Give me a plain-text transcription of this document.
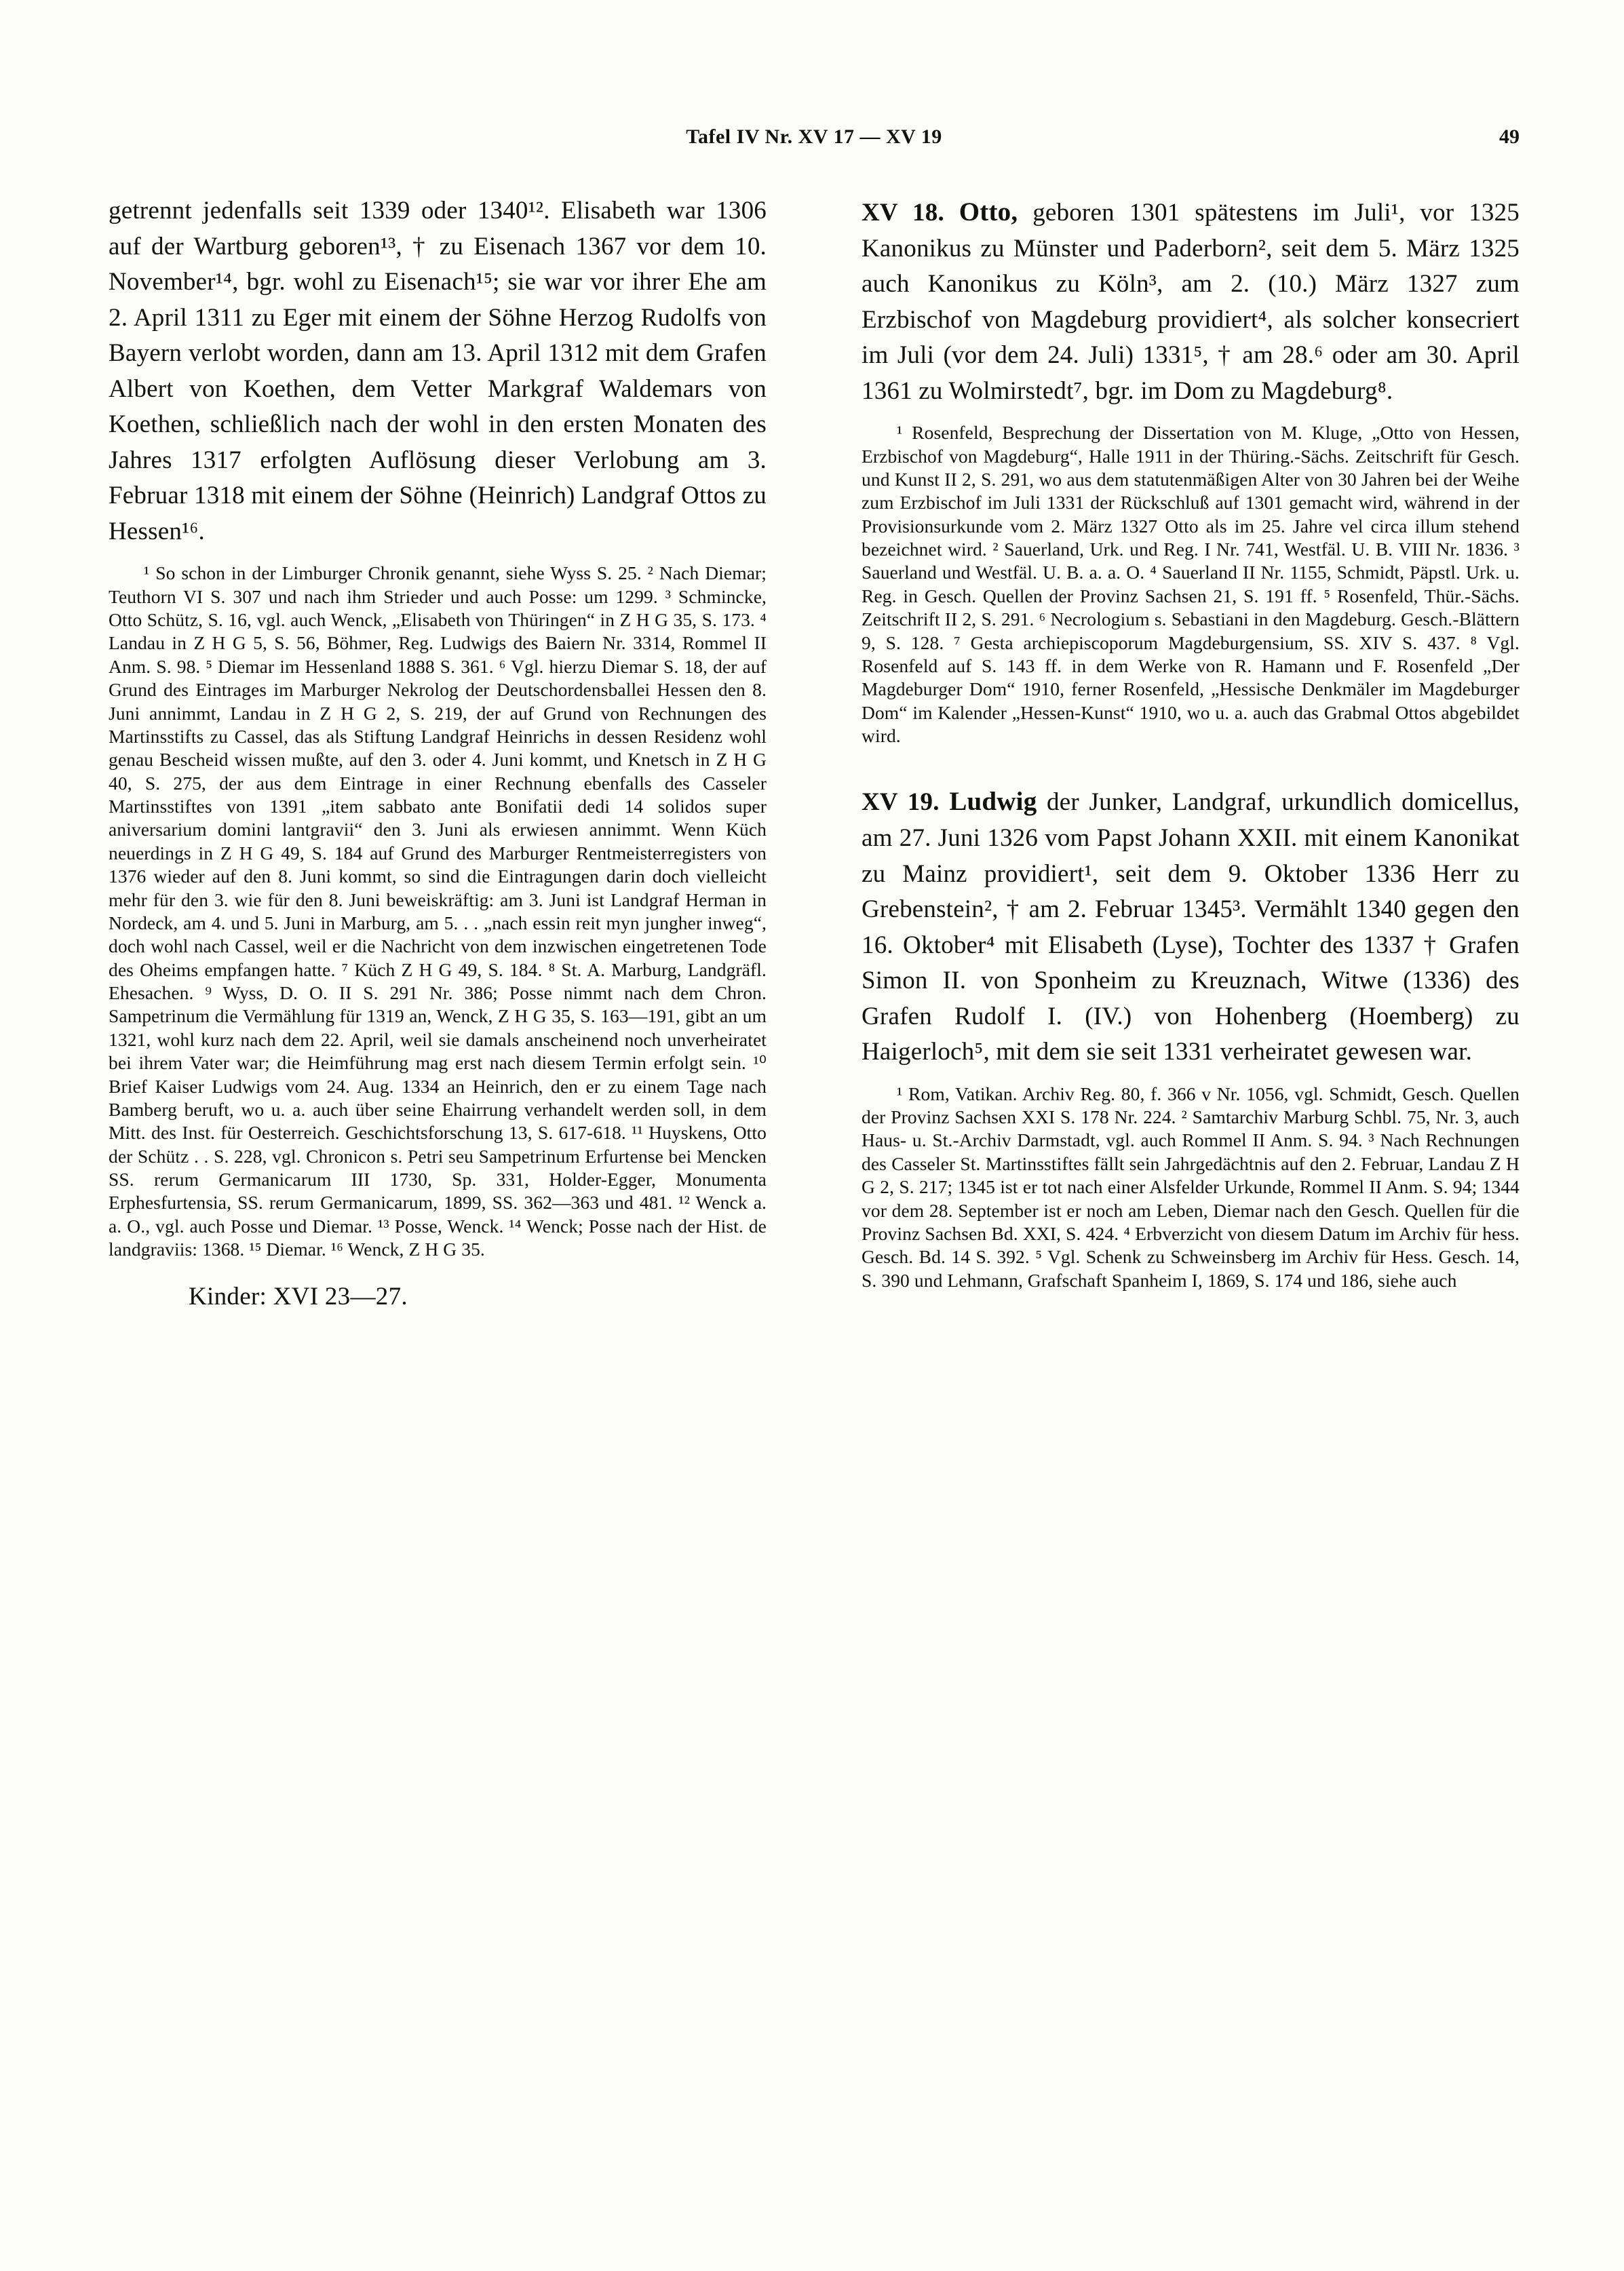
Tafel IV Nr. XV 17 — XV 19	49

getrennt jedenfalls seit 1339 oder 1340¹². Elisabeth war 1306 auf der Wartburg geboren¹³, † zu Eisenach 1367 vor dem 10. November¹⁴, bgr. wohl zu Eisenach¹⁵; sie war vor ihrer Ehe am 2. April 1311 zu Eger mit einem der Söhne Herzog Rudolfs von Bayern verlobt worden, dann am 13. April 1312 mit dem Grafen Albert von Koethen, dem Vetter Markgraf Waldemars von Koethen, schließlich nach der wohl in den ersten Monaten des Jahres 1317 erfolgten Auflösung dieser Verlobung am 3. Februar 1318 mit einem der Söhne (Heinrich) Landgraf Ottos zu Hessen¹⁶.

¹ So schon in der Limburger Chronik genannt, siehe Wyss S. 25. ² Nach Diemar; Teuthorn VI S. 307 und nach ihm Strieder und auch Posse: um 1299. ³ Schmincke, Otto Schütz, S. 16, vgl. auch Wenck, „Elisabeth von Thüringen“ in Z H G 35, S. 173. ⁴ Landau in Z H G 5, S. 56, Böhmer, Reg. Ludwigs des Baiern Nr. 3314, Rommel II Anm. S. 98. ⁵ Diemar im Hessenland 1888 S. 361. ⁶ Vgl. hierzu Diemar S. 18, der auf Grund des Eintrages im Marburger Nekrolog der Deutschordensballei Hessen den 8. Juni annimmt, Landau in Z H G 2, S. 219, der auf Grund von Rechnungen des Martinsstifts zu Cassel, das als Stiftung Landgraf Heinrichs in dessen Residenz wohl genau Bescheid wissen mußte, auf den 3. oder 4. Juni kommt, und Knetsch in Z H G 40, S. 275, der aus dem Eintrage in einer Rechnung ebenfalls des Casseler Martinsstiftes von 1391 „item sabbato ante Bonifatii dedi 14 solidos super aniversarium domini lantgravii“ den 3. Juni als erwiesen annimmt. Wenn Küch neuerdings in Z H G 49, S. 184 auf Grund des Marburger Rentmeisterregisters von 1376 wieder auf den 8. Juni kommt, so sind die Eintragungen darin doch vielleicht mehr für den 3. wie für den 8. Juni beweiskräftig: am 3. Juni ist Landgraf Herman in Nordeck, am 4. und 5. Juni in Marburg, am 5. . . „nach essin reit myn jungher inweg“, doch wohl nach Cassel, weil er die Nachricht von dem inzwischen eingetretenen Tode des Oheims empfangen hatte. ⁷ Küch Z H G 49, S. 184. ⁸ St. A. Marburg, Landgräfl. Ehesachen. ⁹ Wyss, D. O. II S. 291 Nr. 386; Posse nimmt nach dem Chron. Sampetrinum die Vermählung für 1319 an, Wenck, Z H G 35, S. 163—191, gibt an um 1321, wohl kurz nach dem 22. April, weil sie damals anscheinend noch unverheiratet bei ihrem Vater war; die Heimführung mag erst nach diesem Termin erfolgt sein. ¹⁰ Brief Kaiser Ludwigs vom 24. Aug. 1334 an Heinrich, den er zu einem Tage nach Bamberg beruft, wo u. a. auch über seine Ehairrung verhandelt werden soll, in dem Mitt. des Inst. für Oesterreich. Geschichtsforschung 13, S. 617-618. ¹¹ Huyskens, Otto der Schütz . . S. 228, vgl. Chronicon s. Petri seu Sampetrinum Erfurtense bei Mencken SS. rerum Germanicarum III 1730, Sp. 331, Holder-Egger, Monumenta Erphesfurtensia, SS. rerum Germanicarum, 1899, SS. 362—363 und 481. ¹² Wenck a. a. O., vgl. auch Posse und Diemar. ¹³ Posse, Wenck. ¹⁴ Wenck; Posse nach der Hist. de landgraviis: 1368. ¹⁵ Diemar. ¹⁶ Wenck, Z H G 35.

Kinder: XVI 23—27.

XV 18. Otto, geboren 1301 spätestens im Juli¹, vor 1325 Kanonikus zu Münster und Paderborn², seit dem 5. März 1325 auch Kanonikus zu Köln³, am 2. (10.) März 1327 zum Erzbischof von Magdeburg providiert⁴, als solcher konsecriert im Juli (vor dem 24. Juli) 1331⁵, † am 28.⁶ oder am 30. April 1361 zu Wolmirstedt⁷, bgr. im Dom zu Magdeburg⁸.

¹ Rosenfeld, Besprechung der Dissertation von M. Kluge, „Otto von Hessen, Erzbischof von Magdeburg“, Halle 1911 in der Thüring.-Sächs. Zeitschrift für Gesch. und Kunst II 2, S. 291, wo aus dem statutenmäßigen Alter von 30 Jahren bei der Weihe zum Erzbischof im Juli 1331 der Rückschluß auf 1301 gemacht wird, während in der Provisionsurkunde vom 2. März 1327 Otto als im 25. Jahre vel circa illum stehend bezeichnet wird. ² Sauerland, Urk. und Reg. I Nr. 741, Westfäl. U. B. VIII Nr. 1836. ³ Sauerland und Westfäl. U. B. a. a. O. ⁴ Sauerland II Nr. 1155, Schmidt, Päpstl. Urk. u. Reg. in Gesch. Quellen der Provinz Sachsen 21, S. 191 ff. ⁵ Rosenfeld, Thür.-Sächs. Zeitschrift II 2, S. 291. ⁶ Necrologium s. Sebastiani in den Magdeburg. Gesch.-Blättern 9, S. 128. ⁷ Gesta archiepiscoporum Magdeburgensium, SS. XIV S. 437. ⁸ Vgl. Rosenfeld auf S. 143 ff. in dem Werke von R. Hamann und F. Rosenfeld „Der Magdeburger Dom“ 1910, ferner Rosenfeld, „Hessische Denkmäler im Magdeburger Dom“ im Kalender „Hessen-Kunst“ 1910, wo u. a. auch das Grabmal Ottos abgebildet wird.

XV 19. Ludwig der Junker, Landgraf, urkundlich domicellus, am 27. Juni 1326 vom Papst Johann XXII. mit einem Kanonikat zu Mainz providiert¹, seit dem 9. Oktober 1336 Herr zu Grebenstein², † am 2. Februar 1345³. Vermählt 1340 gegen den 16. Oktober⁴ mit Elisabeth (Lyse), Tochter des 1337 † Grafen Simon II. von Sponheim zu Kreuznach, Witwe (1336) des Grafen Rudolf I. (IV.) von Hohenberg (Hoemberg) zu Haigerloch⁵, mit dem sie seit 1331 verheiratet gewesen war.

¹ Rom, Vatikan. Archiv Reg. 80, f. 366 v Nr. 1056, vgl. Schmidt, Gesch. Quellen der Provinz Sachsen XXI S. 178 Nr. 224. ² Samtarchiv Marburg Schbl. 75, Nr. 3, auch Haus- u. St.-Archiv Darmstadt, vgl. auch Rommel II Anm. S. 94. ³ Nach Rechnungen des Casseler St. Martinsstiftes fällt sein Jahrgedächtnis auf den 2. Februar, Landau Z H G 2, S. 217; 1345 ist er tot nach einer Alsfelder Urkunde, Rommel II Anm. S. 94; 1344 vor dem 28. September ist er noch am Leben, Diemar nach den Gesch. Quellen für die Provinz Sachsen Bd. XXI, S. 424. ⁴ Erbverzicht von diesem Datum im Archiv für hess. Gesch. Bd. 14 S. 392. ⁵ Vgl. Schenk zu Schweinsberg im Archiv für Hess. Gesch. 14, S. 390 und Lehmann, Grafschaft Spanheim I, 1869, S. 174 und 186, siehe auch
